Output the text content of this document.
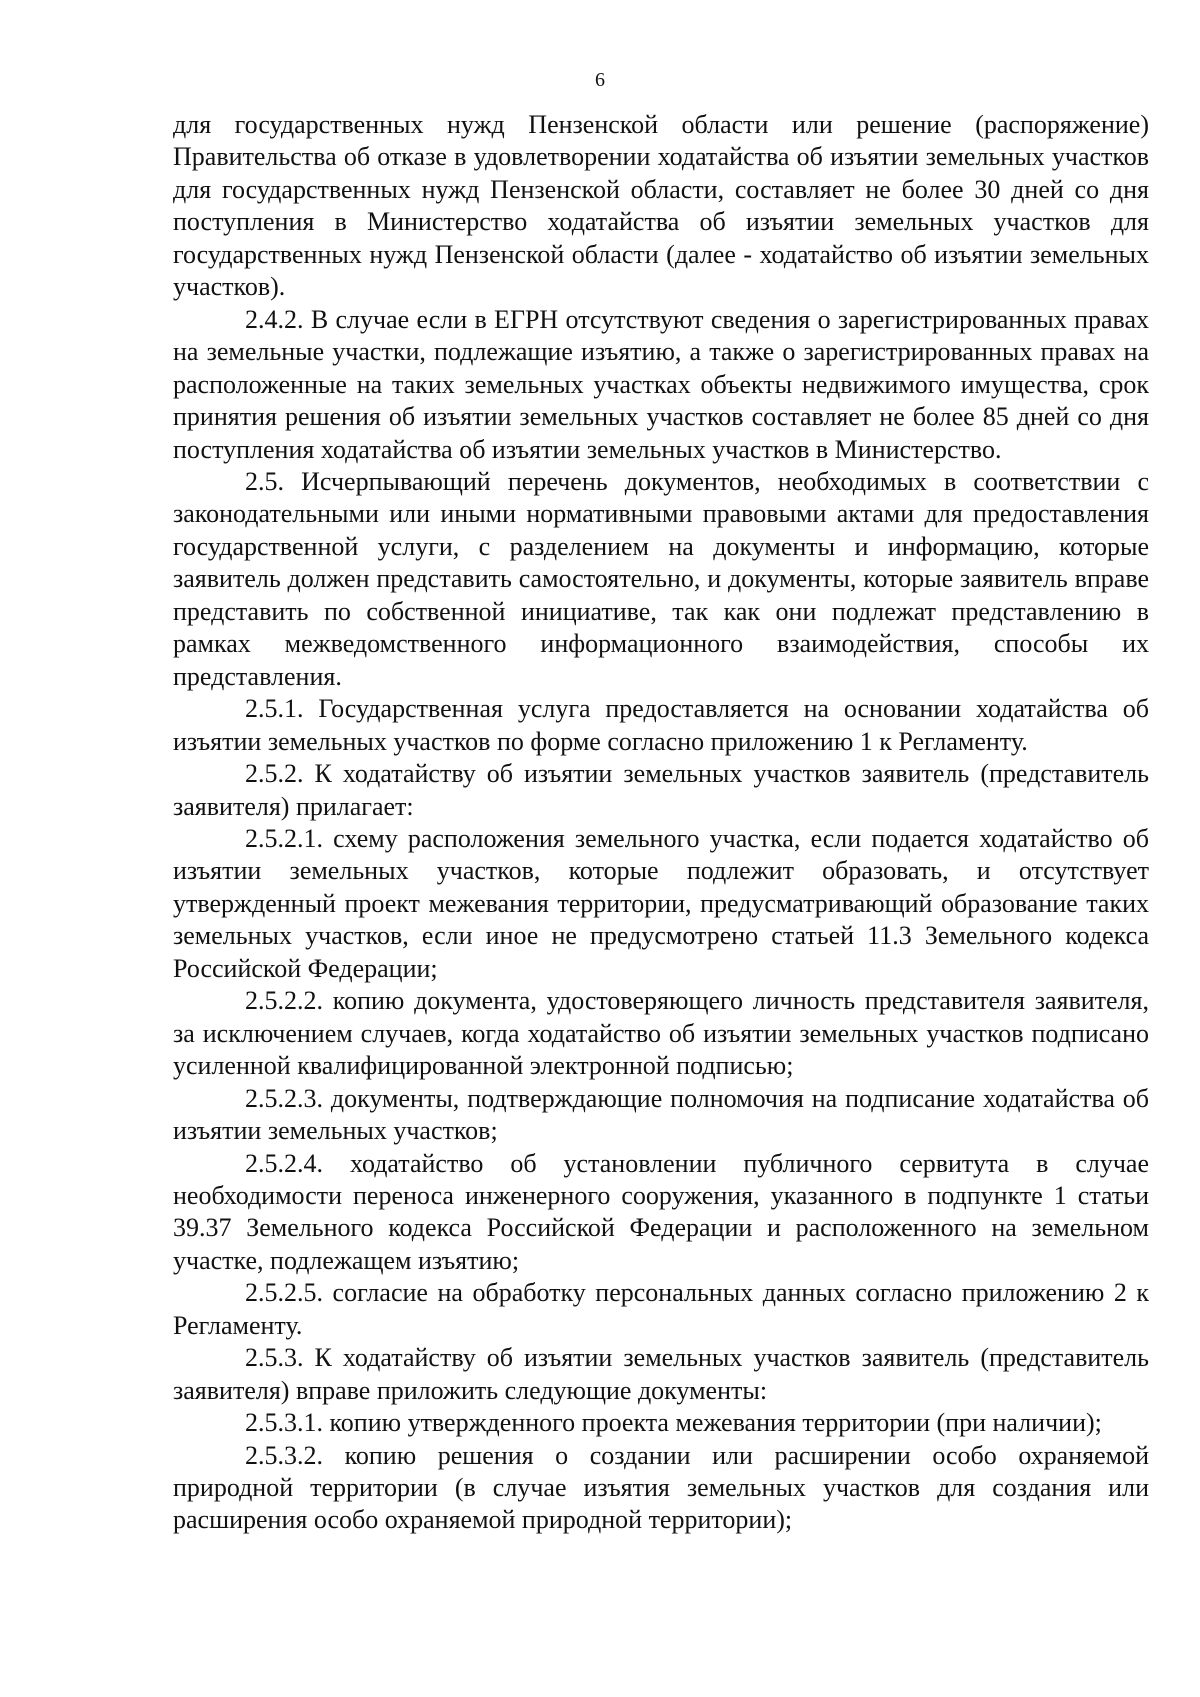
6

для государственных нужд Пензенской области или решение (распоряжение) Правительства об отказе в удовлетворении ходатайства об изъятии земельных участков для государственных нужд Пензенской области, составляет не более 30 дней со дня поступления в Министерство ходатайства об изъятии земельных участков для государственных нужд Пензенской области (далее - ходатайство об изъятии земельных участков).

2.4.2. В случае если в ЕГРН отсутствуют сведения о зарегистрированных правах на земельные участки, подлежащие изъятию, а также о зарегистрированных правах на расположенные на таких земельных участках объекты недвижимого имущества, срок принятия решения об изъятии земельных участков составляет не более 85 дней со дня поступления ходатайства об изъятии земельных участков в Министерство.

2.5. Исчерпывающий перечень документов, необходимых в соответствии с законодательными или иными нормативными правовыми актами для предоставления государственной услуги, с разделением на документы и информацию, которые заявитель должен представить самостоятельно, и документы, которые заявитель вправе представить по собственной инициативе, так как они подлежат представлению в рамках межведомственного информационного взаимодействия, способы их представления.

2.5.1. Государственная услуга предоставляется на основании ходатайства об изъятии земельных участков по форме согласно приложению 1 к Регламенту.

2.5.2. К ходатайству об изъятии земельных участков заявитель (представитель заявителя) прилагает:

2.5.2.1. схему расположения земельного участка, если подается ходатайство об изъятии земельных участков, которые подлежит образовать, и отсутствует утвержденный проект межевания территории, предусматривающий образование таких земельных участков, если иное не предусмотрено статьей 11.3 Земельного кодекса Российской Федерации;

2.5.2.2. копию документа, удостоверяющего личность представителя заявителя, за исключением случаев, когда ходатайство об изъятии земельных участков подписано усиленной квалифицированной электронной подписью;

2.5.2.3. документы, подтверждающие полномочия на подписание ходатайства об изъятии земельных участков;

2.5.2.4. ходатайство об установлении публичного сервитута в случае необходимости переноса инженерного сооружения, указанного в подпункте 1 статьи 39.37 Земельного кодекса Российской Федерации и расположенного на земельном участке, подлежащем изъятию;

2.5.2.5. согласие на обработку персональных данных согласно приложению 2 к Регламенту.

2.5.3. К ходатайству об изъятии земельных участков заявитель (представитель заявителя) вправе приложить следующие документы:

2.5.3.1. копию утвержденного проекта межевания территории (при наличии);

2.5.3.2. копию решения о создании или расширении особо охраняемой природной территории (в случае изъятия земельных участков для создания или расширения особо охраняемой природной территории);
